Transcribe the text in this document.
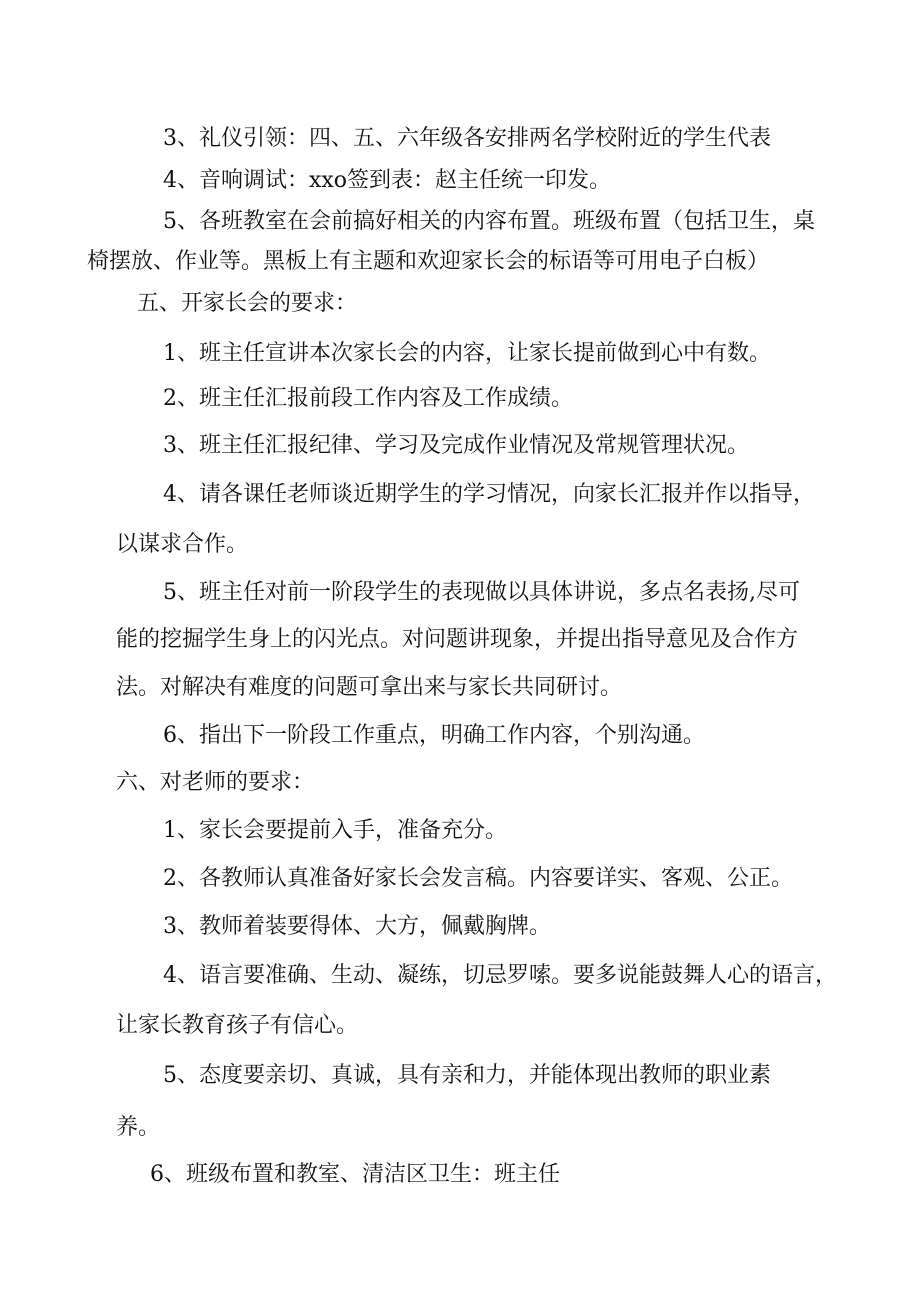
3、礼仪引领：四、五、六年级各安排两名学校附近的学生代表
4、音响调试：xxo签到表：赵主任统一印发。
5、各班教室在会前搞好相关的内容布置。班级布置（包括卫生，桌
椅摆放、作业等。黑板上有主题和欢迎家长会的标语等可用电子白板）
五、开家长会的要求：
1、班主任宣讲本次家长会的内容，让家长提前做到心中有数。
2、班主任汇报前段工作内容及工作成绩。
3、班主任汇报纪律、学习及完成作业情况及常规管理状况。
4、请各课任老师谈近期学生的学习情况，向家长汇报并作以指导，
以谋求合作。
5、班主任对前一阶段学生的表现做以具体讲说，多点名表扬,尽可
能的挖掘学生身上的闪光点。对问题讲现象，并提出指导意见及合作方
法。对解决有难度的问题可拿出来与家长共同研讨。
6、指出下一阶段工作重点，明确工作内容，个别沟通。
六、对老师的要求：
1、家长会要提前入手，准备充分。
2、各教师认真准备好家长会发言稿。内容要详实、客观、公正。
3、教师着装要得体、大方，佩戴胸牌。
4、语言要准确、生动、凝练，切忌罗嗦。要多说能鼓舞人心的语言，
让家长教育孩子有信心。
5、态度要亲切、真诚，具有亲和力，并能体现出教师的职业素
养。
6、班级布置和教室、清洁区卫生：班主任
